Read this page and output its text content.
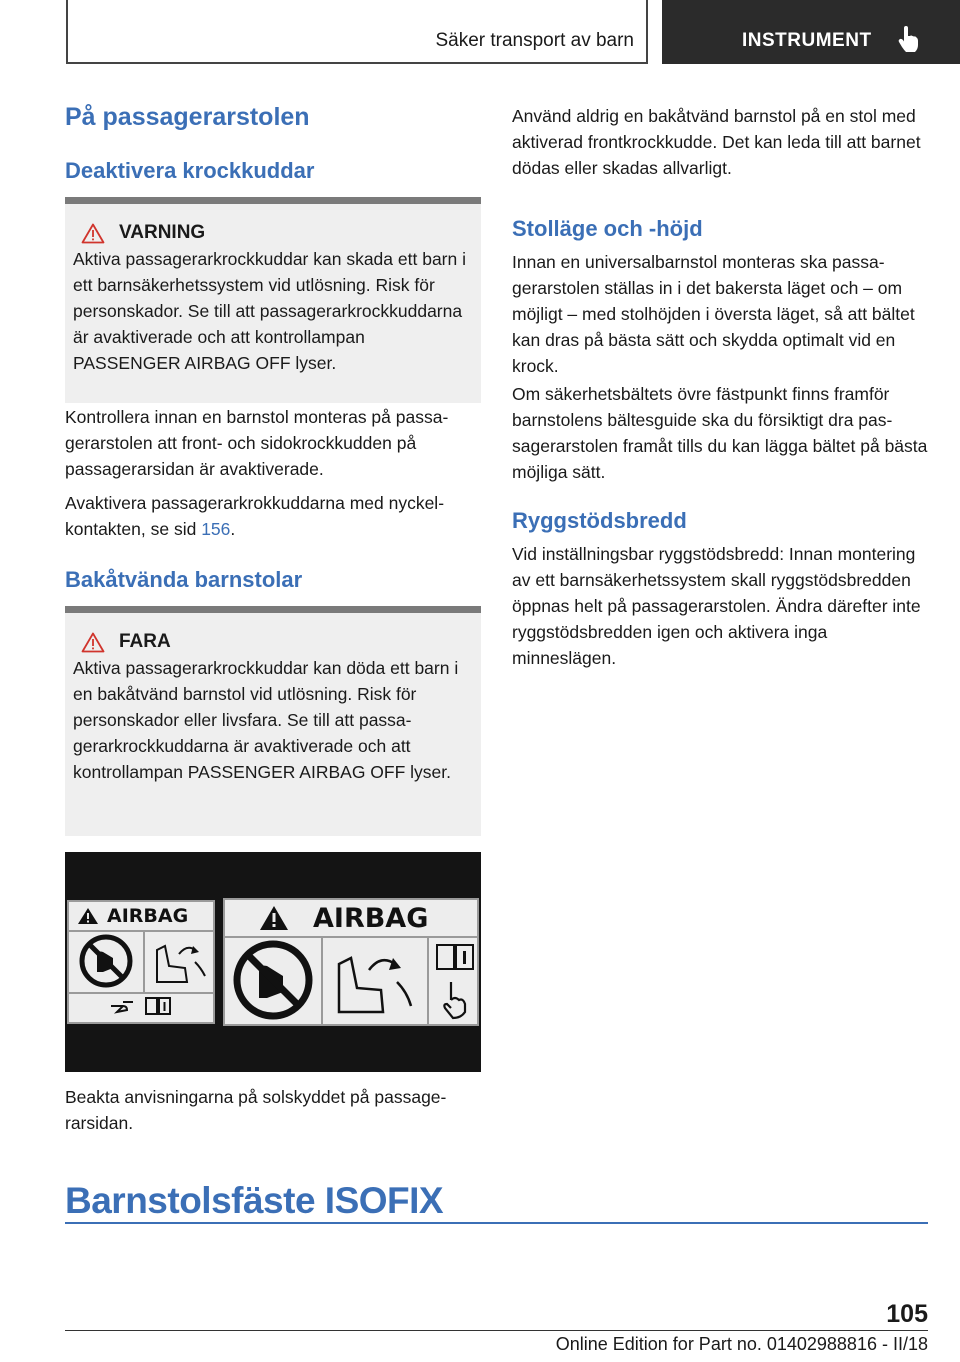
Säker transport av barn	INSTRUMENT
På passagerarstolen
Deaktivera krockkuddar
VARNING

Aktiva passagerarkrockkuddar kan skada ett barn i ett barnsäkerhetssystem vid utlösning. Risk för personskador. Se till att passagerarkrockkuddarna är avaktiverade och att kontrollampan PASSENGER AIRBAG OFF lyser.

Kontrollera innan en barnstol monteras på passagerarstolen att front- och sidokrockkudden på passagerarsidan är avaktiverade.

Avaktivera passagerarkrokkuddarna med nyckelkontakten, se sid 156.

Bakåtvända barnstolar
FARA

Aktiva passagerarkrockkuddar kan döda ett barn i en bakåtvänd barnstol vid utlösning. Risk för personskador eller livsfara. Se till att passagerarkrockkuddarna är avaktiverade och att kontrollampan PASSENGER AIRBAG OFF lyser.

AIRBAG	AIRBAG

Beakta anvisningarna på solskyddet på passagerarsidan.

Använd aldrig en bakåtvänd barnstol på en stol med aktiverad frontkrockkudde. Det kan leda till att barnet dödas eller skadas allvarligt.

Stolläge och -höjd

Innan en universalbarnstol monteras ska passagerarstolen ställas in i det bakersta läget och – om möjligt – med stolhöjden i översta läget, så att bältet kan dras på bästa sätt och skydda optimalt vid en krock.

Om säkerhetsbältets övre fästpunkt finns framför barnstolens bältesguide ska du försiktigt dra passagerarstolen framåt tills du kan lägga bältet på bästa möjliga sätt.

Ryggstödsbredd

Vid inställningsbar ryggstödsbredd: Innan montering av ett barnsäkerhetssystem skall ryggstödsbredden öppnas helt på passagerarstolen. Ändra därefter inte ryggstödsbredden igen och aktivera inga minneslägen.

Barnstolsfäste ISOFIX
105
Online Edition for Part no. 01402988816 - II/18
